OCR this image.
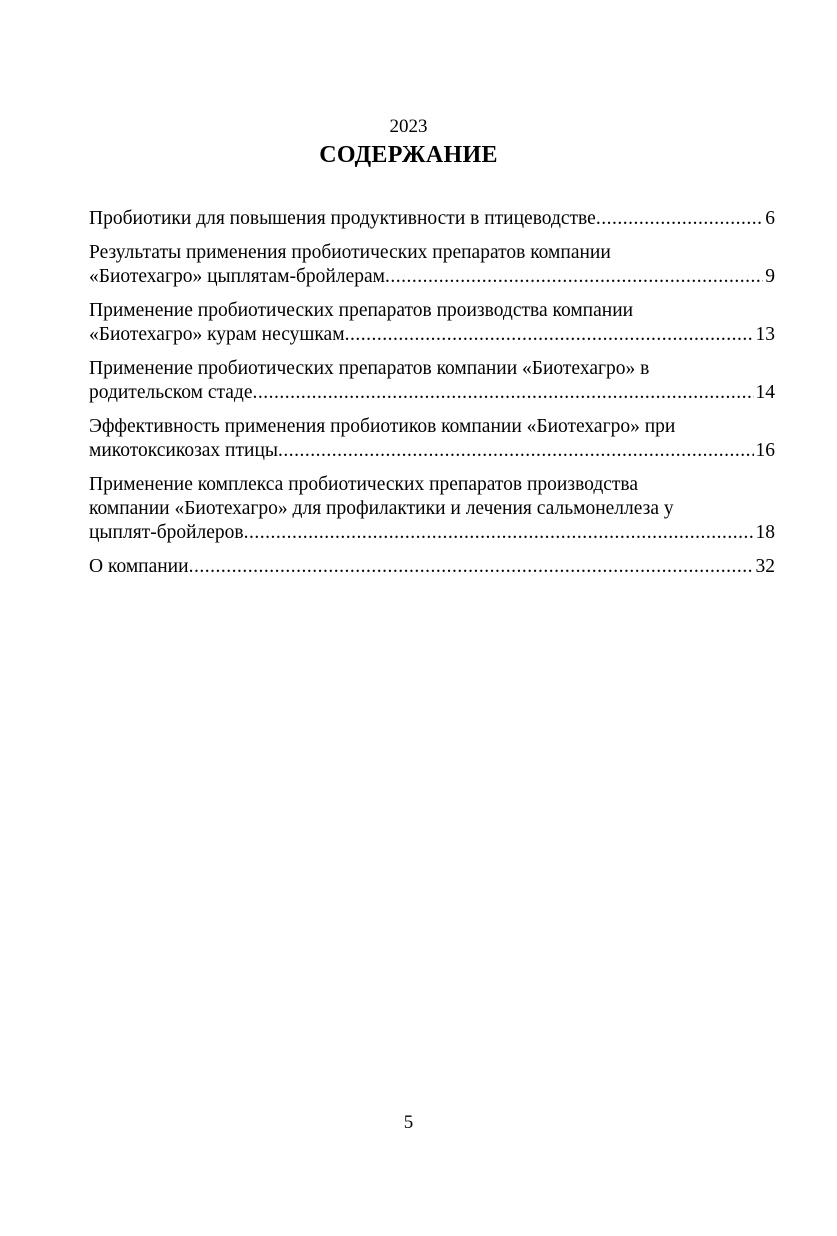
2023
СОДЕРЖАНИЕ
Пробиотики для повышения продуктивности в птицеводстве .....	6
Результаты применения пробиотических препаратов компании
«Биотехагро» цыплятам-бройлерам .....	9
Применение пробиотических препаратов производства компании
«Биотехагро» курам несушкам .....	13
Применение пробиотических препаратов компании «Биотехагро» в
родительском стаде .....	14
Эффективность применения пробиотиков компании «Биотехагро» при
микотоксикозах птицы .....	16
Применение комплекса пробиотических препаратов производства
компании «Биотехагро» для профилактики и лечения сальмонеллеза у
цыплят-бройлеров .....	18
О компании .....	32
5
